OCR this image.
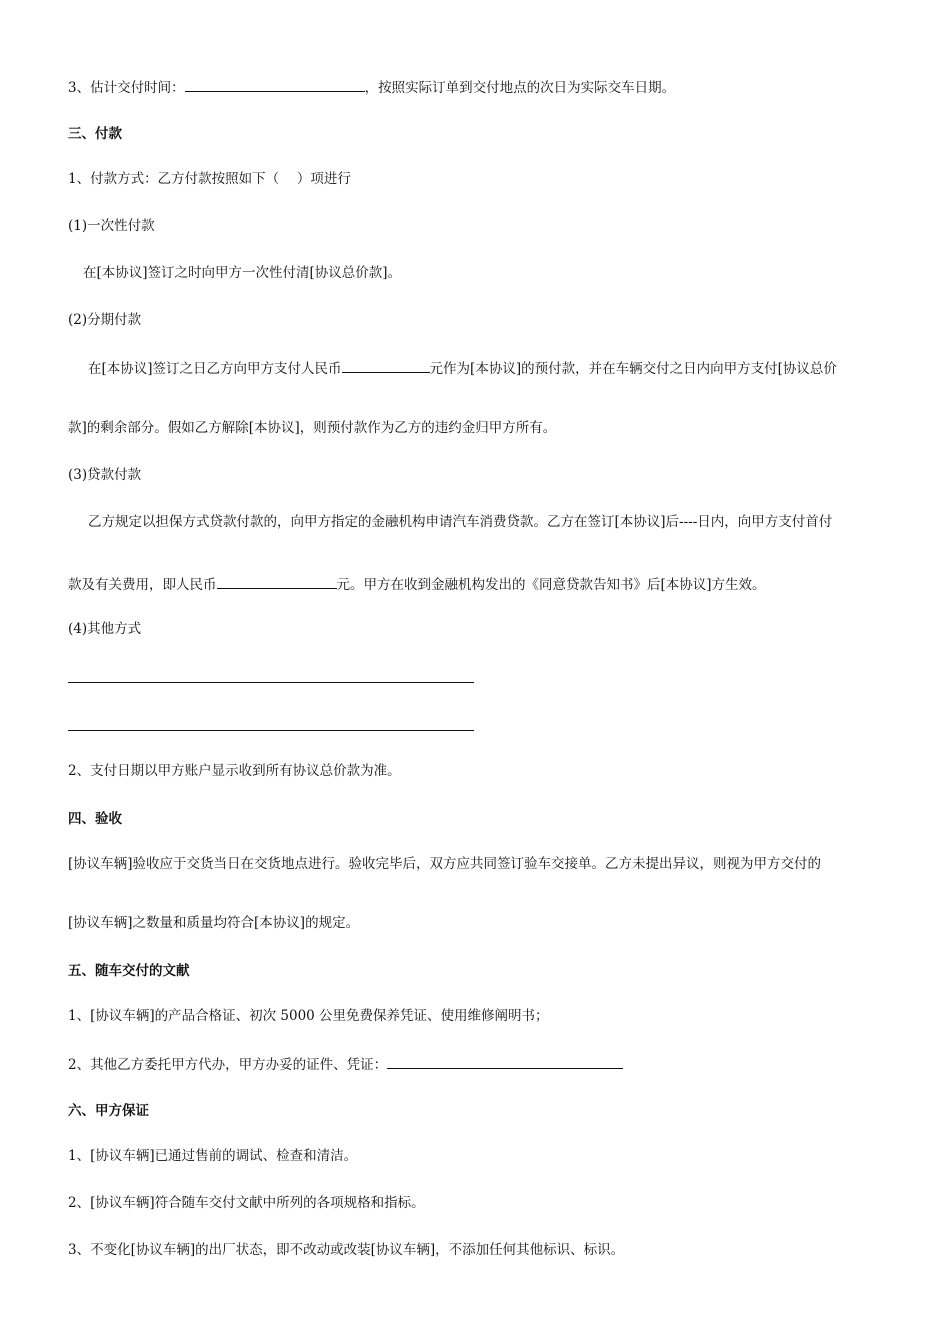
3、估计交付时间：	，按照实际订单到交付地点的次日为实际交车日期。
三、付款
1、付款方式：乙方付款按照如下（　 ）项进行
(1)一次性付款
在[本协议]签订之时向甲方一次性付清[协议总价款]。
(2)分期付款
在[本协议]签订之日乙方向甲方支付人民币	元作为[本协议]的预付款，并在车辆交付之日内向甲方支付[协议总价
款]的剩余部分。假如乙方解除[本协议]，则预付款作为乙方的违约金归甲方所有。
(3)贷款付款
乙方规定以担保方式贷款付款的，向甲方指定的金融机构申请汽车消费贷款。乙方在签订[本协议]后----日内，向甲方支付首付
款及有关费用，即人民币	元。甲方在收到金融机构发出的《同意贷款告知书》后[本协议]方生效。
(4)其他方式
2、支付日期以甲方账户显示收到所有协议总价款为准。
四、验收
[协议车辆]验收应于交货当日在交货地点进行。验收完毕后，双方应共同签订验车交接单。乙方未提出异议，则视为甲方交付的
[协议车辆]之数量和质量均符合[本协议]的规定。
五、随车交付的文献
1、[协议车辆]的产品合格证、初次 5000 公里免费保养凭证、使用维修阐明书；
2、其他乙方委托甲方代办，甲方办妥的证件、凭证：
六、甲方保证
1、[协议车辆]已通过售前的调试、检查和清洁。
2、[协议车辆]符合随车交付文献中所列的各项规格和指标。
3、不变化[协议车辆]的出厂状态，即不改动或改装[协议车辆]，不添加任何其他标识、标识。
